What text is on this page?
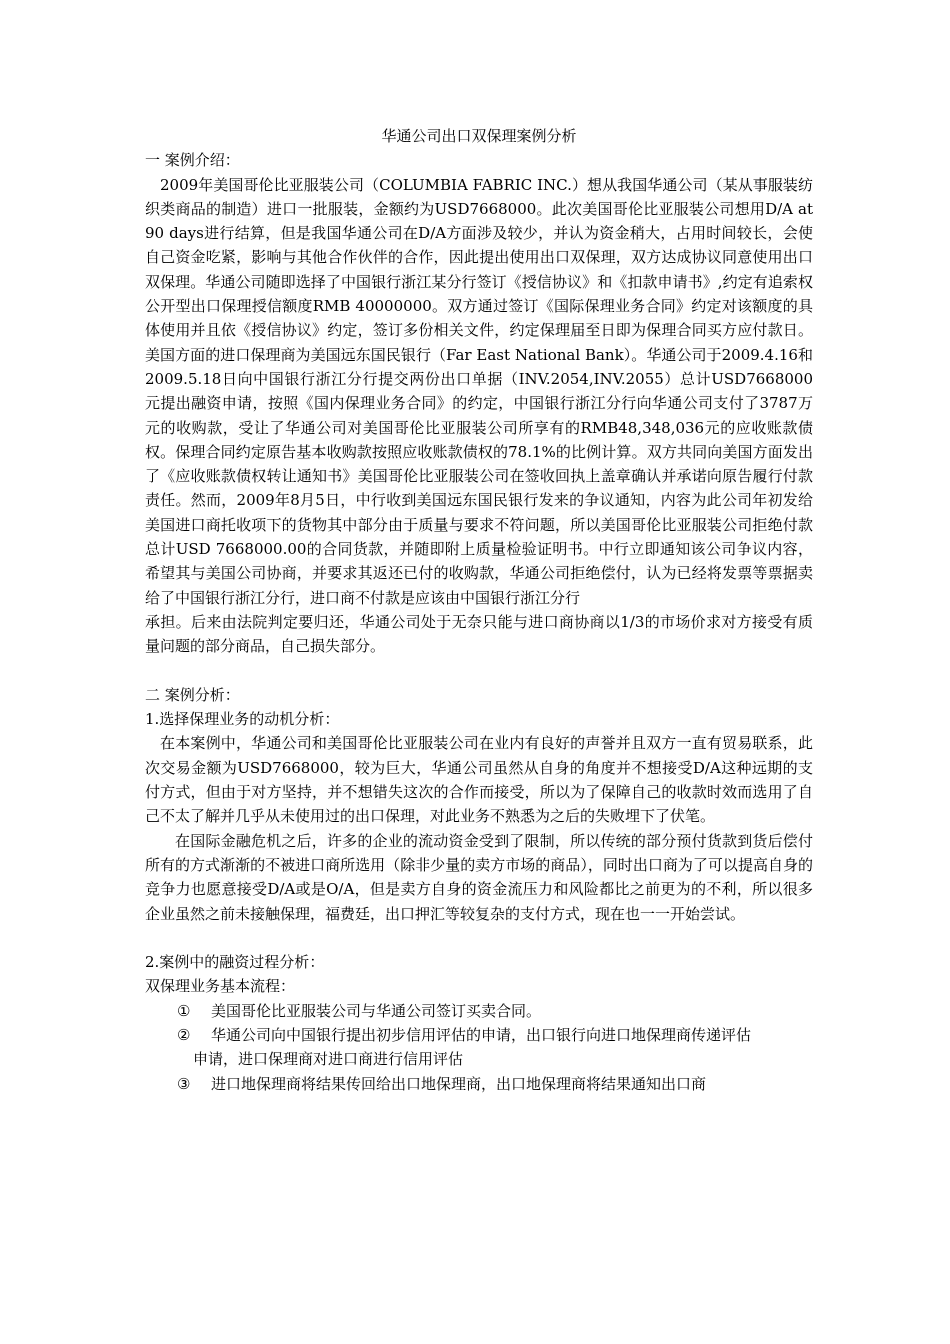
华通公司出口双保理案例分析

一 案例介绍：

2009年美国哥伦比亚服装公司（COLUMBIA FABRIC INC.）想从我国华通公司（某从事服装纺织类商品的制造）进口一批服装，金额约为USD7668000。此次美国哥伦比亚服装公司想用D/A at 90 days进行结算，但是我国华通公司在D/A方面涉及较少，并认为资金稍大，占用时间较长，会使自己资金吃紧，影响与其他合作伙伴的合作，因此提出使用出口双保理，双方达成协议同意使用出口双保理。华通公司随即选择了中国银行浙江某分行签订《授信协议》和《扣款申请书》,约定有追索权公开型出口保理授信额度RMB 40000000。双方通过签订《国际保理业务合同》约定对该额度的具体使用并且依《授信协议》约定，签订多份相关文件，约定保理届至日即为保理合同买方应付款日。美国方面的进口保理商为美国远东国民银行（Far East National Bank）。华通公司于2009.4.16和2009.5.18日向中国银行浙江分行提交两份出口单据（INV.2054,INV.2055）总计USD7668000元提出融资申请，按照《国内保理业务合同》的约定，中国银行浙江分行向华通公司支付了3787万元的收购款，受让了华通公司对美国哥伦比亚服装公司所享有的RMB48,348,036元的应收账款债权。保理合同约定原告基本收购款按照应收账款债权的78.1%的比例计算。双方共同向美国方面发出了《应收账款债权转让通知书》美国哥伦比亚服装公司在签收回执上盖章确认并承诺向原告履行付款责任。然而，2009年8月5日，中行收到美国远东国民银行发来的争议通知，内容为此公司年初发给美国进口商托收项下的货物其中部分由于质量与要求不符问题，所以美国哥伦比亚服装公司拒绝付款总计USD 7668000.00的合同货款，并随即附上质量检验证明书。中行立即通知该公司争议内容，希望其与美国公司协商，并要求其返还已付的收购款，华通公司拒绝偿付，认为已经将发票等票据卖给了中国银行浙江分行，进口商不付款是应该由中国银行浙江分行

承担。后来由法院判定要归还，华通公司处于无奈只能与进口商协商以1/3的市场价求对方接受有质量问题的部分商品，自己损失部分。

二 案例分析：

1.选择保理业务的动机分析：

在本案例中，华通公司和美国哥伦比亚服装公司在业内有良好的声誉并且双方一直有贸易联系，此次交易金额为USD7668000，较为巨大，华通公司虽然从自身的角度并不想接受D/A这种远期的支付方式，但由于对方坚持，并不想错失这次的合作而接受，所以为了保障自己的收款时效而选用了自己不太了解并几乎从未使用过的出口保理，对此业务不熟悉为之后的失败埋下了伏笔。

在国际金融危机之后，许多的企业的流动资金受到了限制，所以传统的部分预付货款到货后偿付所有的方式渐渐的不被进口商所选用（除非少量的卖方市场的商品），同时出口商为了可以提高自身的竞争力也愿意接受D/A或是O/A，但是卖方自身的资金流压力和风险都比之前更为的不利，所以很多企业虽然之前未接触保理，福费廷，出口押汇等较复杂的支付方式，现在也一一开始尝试。

2.案例中的融资过程分析：

双保理业务基本流程：

① 美国哥伦比亚服装公司与华通公司签订买卖合同。

② 华通公司向中国银行提出初步信用评估的申请，出口银行向进口地保理商传递评估

申请，进口保理商对进口商进行信用评估

③ 进口地保理商将结果传回给出口地保理商，出口地保理商将结果通知出口商
